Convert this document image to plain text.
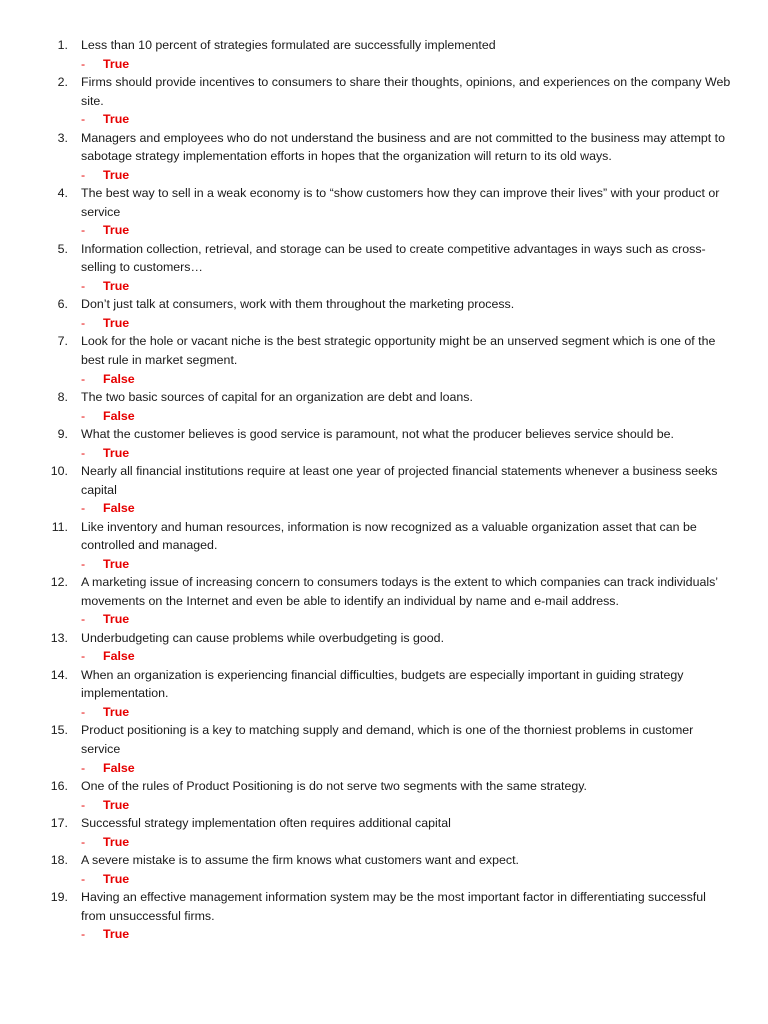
1. Less than 10 percent of strategies formulated are successfully implemented
- True
2. Firms should provide incentives to consumers to share their thoughts, opinions, and experiences on the company Web site.
- True
3. Managers and employees who do not understand the business and are not committed to the business may attempt to sabotage strategy implementation efforts in hopes that the organization will return to its old ways.
- True
4. The best way to sell in a weak economy is to “show customers how they can improve their lives” with your product or service
- True
5. Information collection, retrieval, and storage can be used to create competitive advantages in ways such as cross-selling to customers…
- True
6. Don’t just talk at consumers, work with them throughout the marketing process.
- True
7. Look for the hole or vacant niche is the best strategic opportunity might be an unserved segment which is one of the best rule in market segment.
- False
8. The two basic sources of capital for an organization are debt and loans.
- False
9. What the customer believes is good service is paramount, not what the producer believes service should be.
- True
10. Nearly all financial institutions require at least one year of projected financial statements whenever a business seeks capital
- False
11. Like inventory and human resources, information is now recognized as a valuable organization asset that can be controlled and managed.
- True
12. A marketing issue of increasing concern to consumers todays is the extent to which companies can track individuals’ movements on the Internet and even be able to identify an individual by name and e-mail address.
- True
13. Underbudgeting can cause problems while overbudgeting is good.
- False
14. When an organization is experiencing financial difficulties, budgets are especially important in guiding strategy implementation.
- True
15. Product positioning is a key to matching supply and demand, which is one of the thorniest problems in customer service
- False
16. One of the rules of Product Positioning is do not serve two segments with the same strategy.
- True
17. Successful strategy implementation often requires additional capital
- True
18. A severe mistake is to assume the firm knows what customers want and expect.
- True
19. Having an effective management information system may be the most important factor in differentiating successful from unsuccessful firms.
- True
